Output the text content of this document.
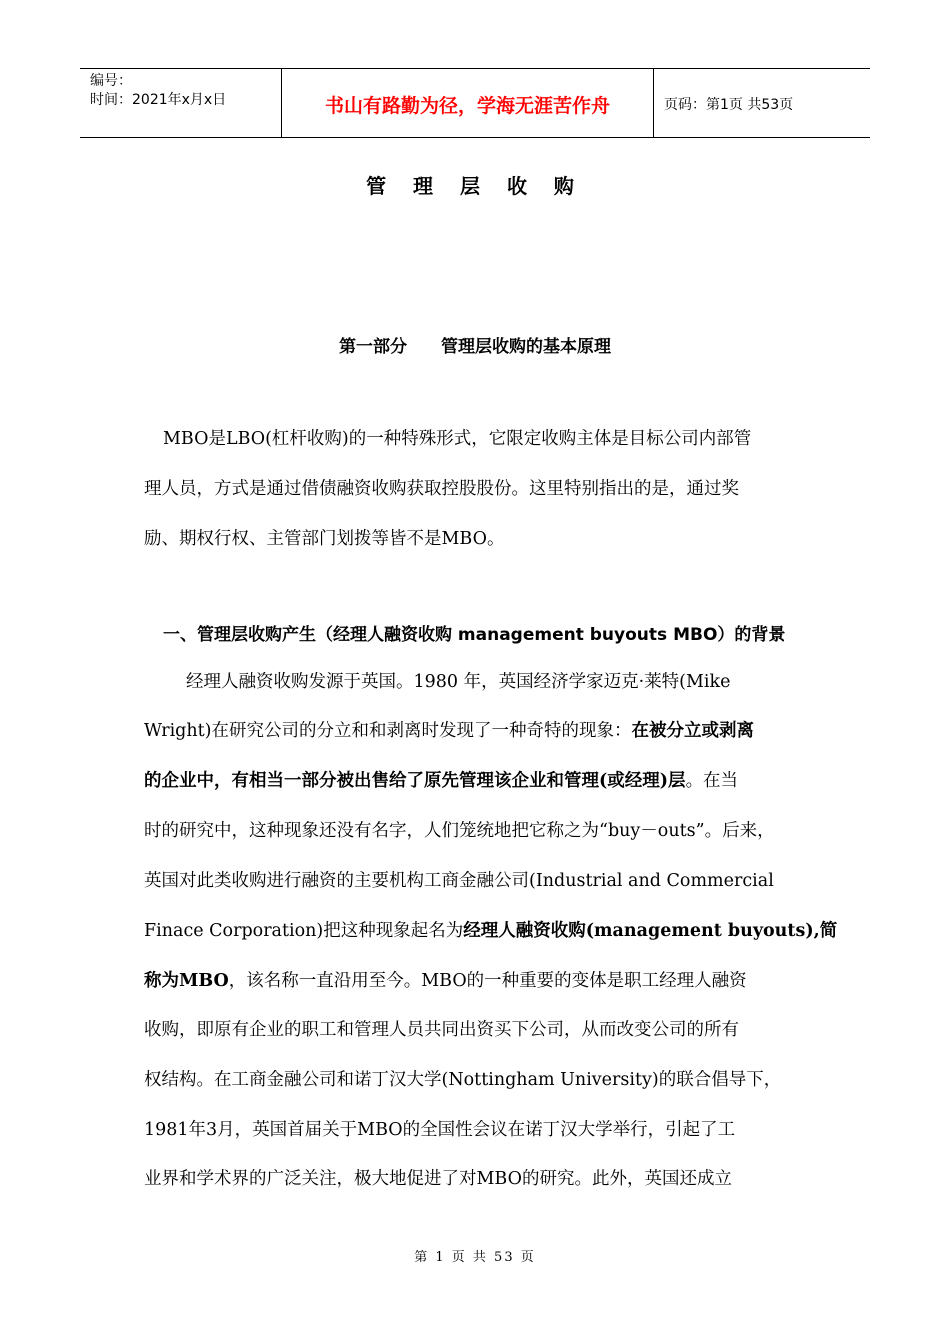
编号：
时间：2021年x月x日	书山有路勤为径，学海无涯苦作舟	页码：第1页 共53页
管 理 层 收 购
第一部分　　管理层收购的基本原理
MBO是LBO(杠杆收购)的一种特殊形式，它限定收购主体是目标公司内部管
理人员，方式是通过借债融资收购获取控股股份。这里特别指出的是，通过奖
励、期权行权、主管部门划拨等皆不是MBO。
一、管理层收购产生（经理人融资收购 management buyouts MBO）的背景
经理人融资收购发源于英国。1980 年，英国经济学家迈克·莱特(Mike
Wright)在研究公司的分立和和剥离时发现了一种奇特的现象：在被分立或剥离
的企业中，有相当一部分被出售给了原先管理该企业和管理(或经理)层。在当
时的研究中，这种现象还没有名字，人们笼统地把它称之为“buy－outs”。后来，
英国对此类收购进行融资的主要机构工商金融公司(Industrial and Commercial
Finace Corporation)把这种现象起名为经理人融资收购(management buyouts),简
称为MBO，该名称一直沿用至今。MBO的一种重要的变体是职工经理人融资
收购，即原有企业的职工和管理人员共同出资买下公司，从而改变公司的所有
权结构。在工商金融公司和诺丁汉大学(Nottingham University)的联合倡导下，
1981年3月，英国首届关于MBO的全国性会议在诺丁汉大学举行，引起了工
业界和学术界的广泛关注，极大地促进了对MBO的研究。此外，英国还成立
第 1 页 共 53 页
